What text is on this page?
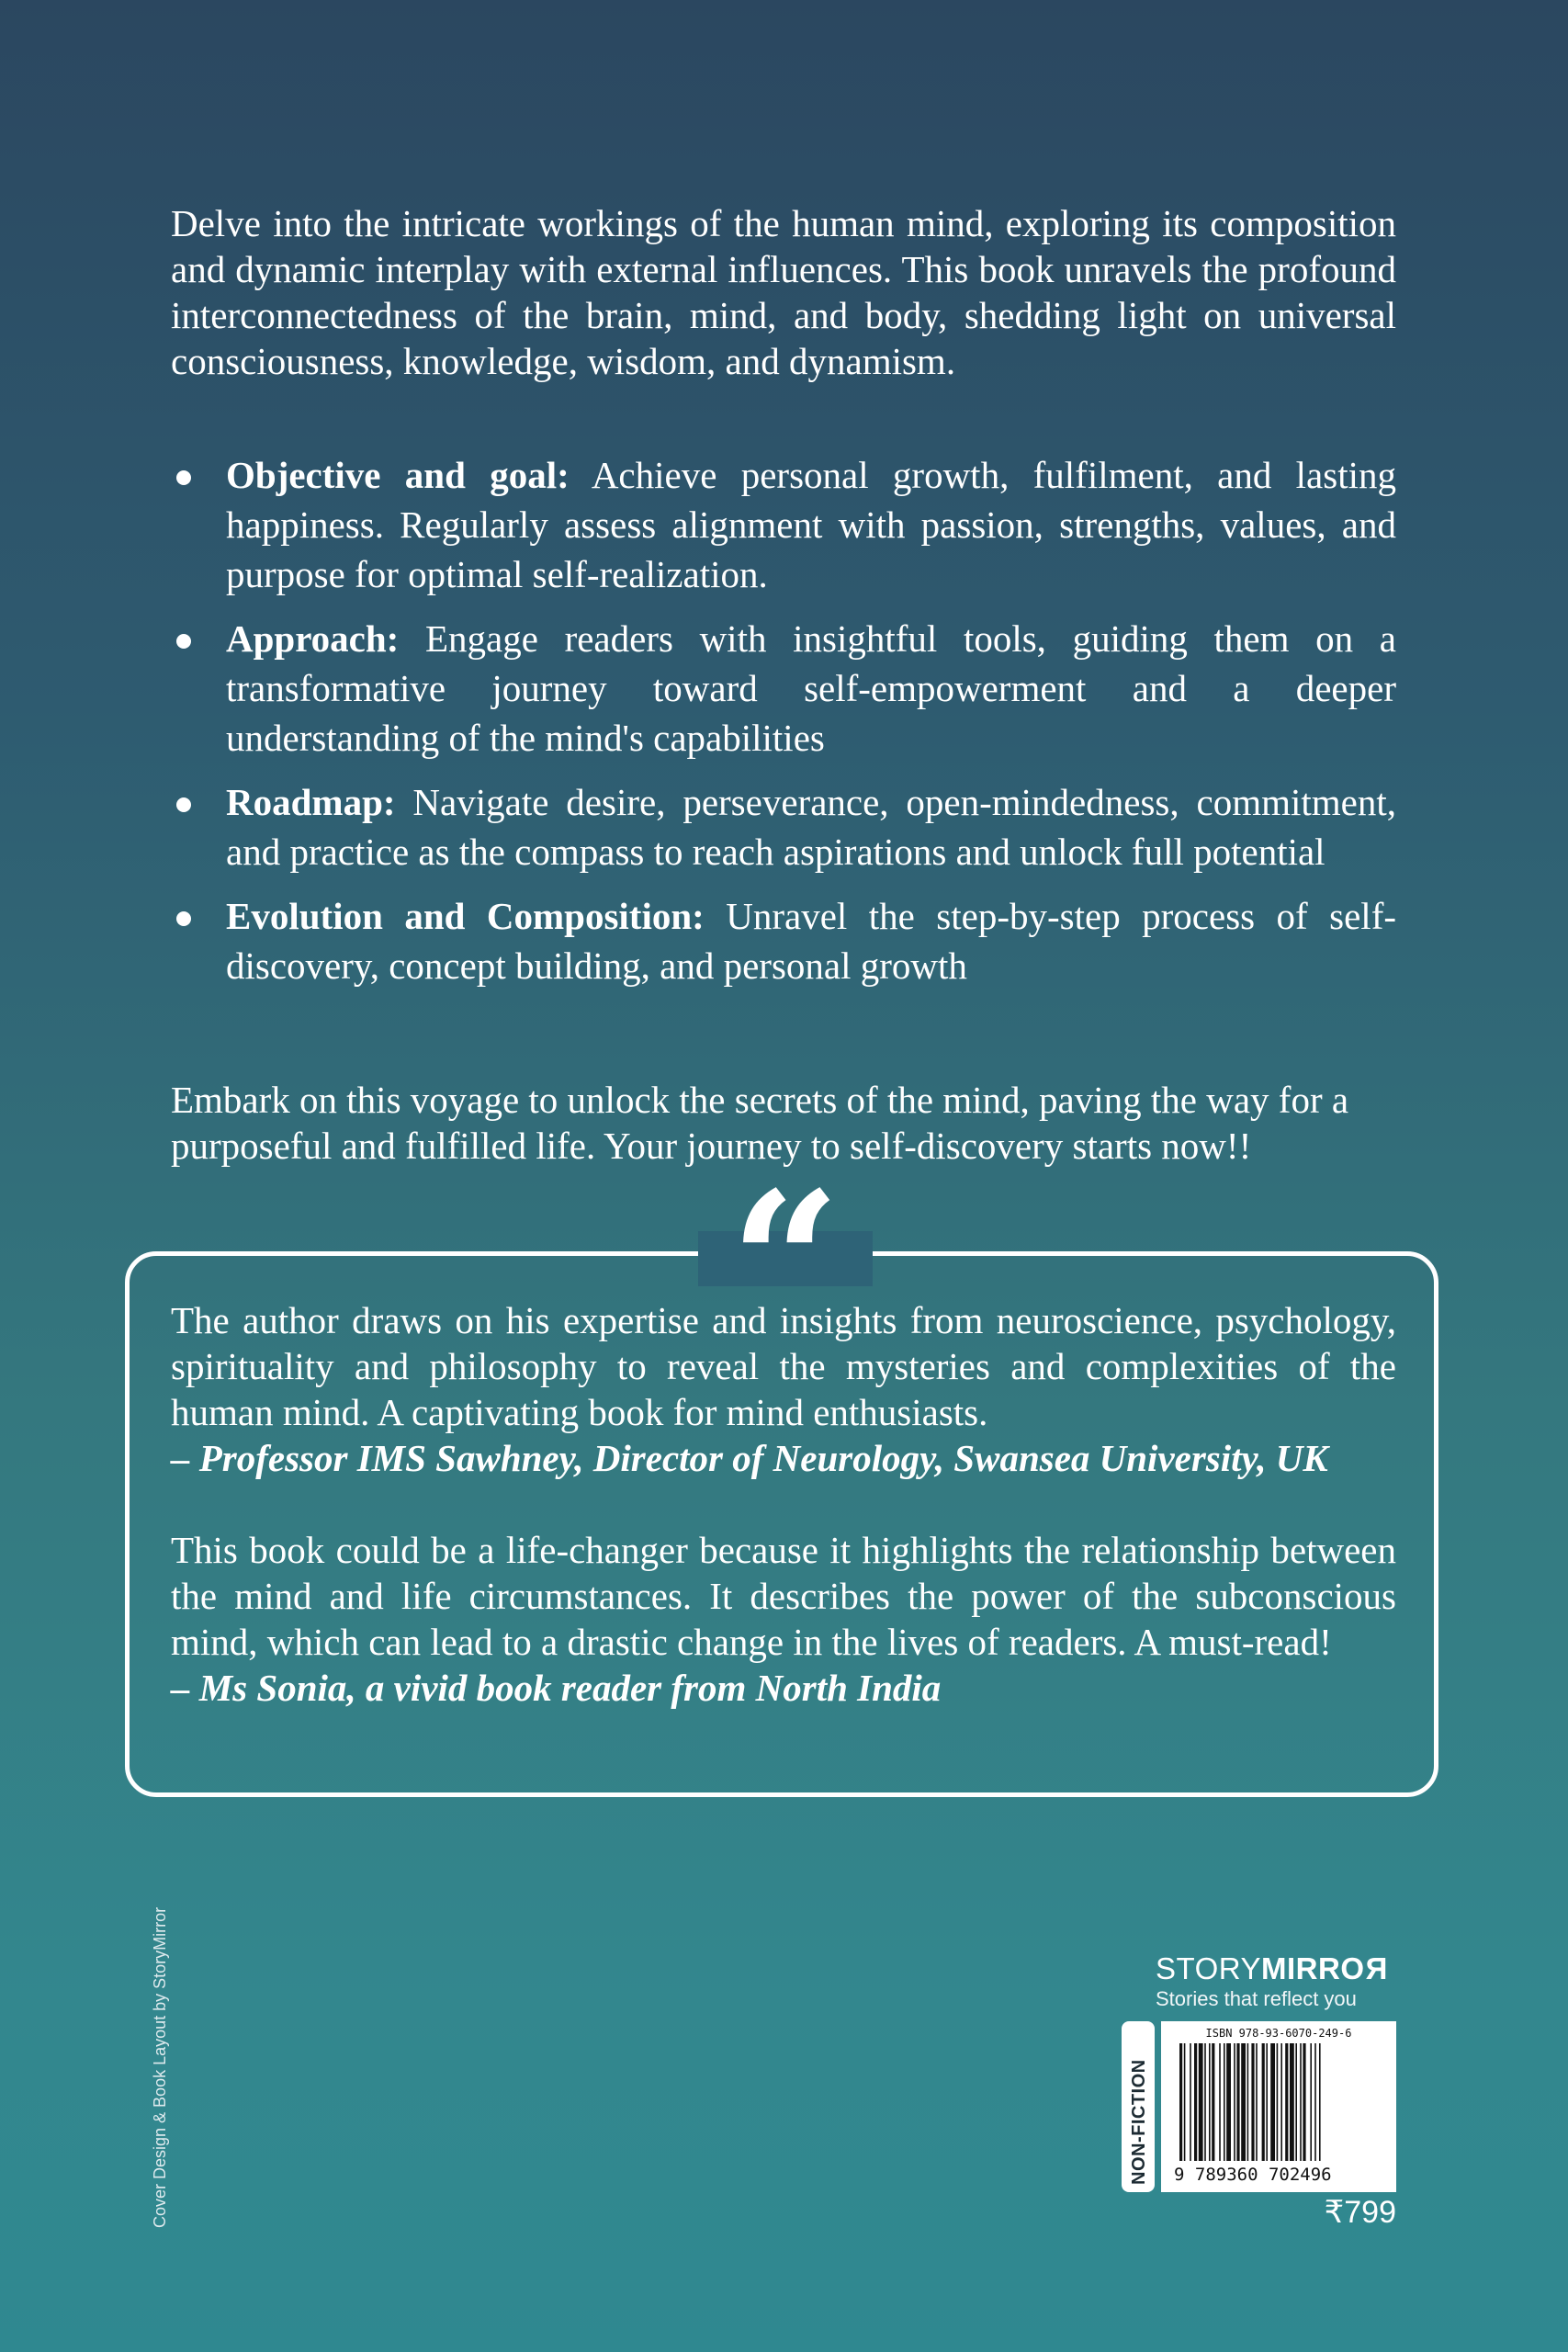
Delve into the intricate workings of the human mind, exploring its composition and dynamic interplay with external influences. This book unravels the profound interconnectedness of the brain, mind, and body, shedding light on universal consciousness, knowledge, wisdom, and dynamism.
Objective and goal: Achieve personal growth, fulfilment, and lasting happiness. Regularly assess alignment with passion, strengths, values, and purpose for optimal self-realization.
Approach: Engage readers with insightful tools, guiding them on a transformative journey toward self-empowerment and a deeper understanding of the mind's capabilities
Roadmap: Navigate desire, perseverance, open-mindedness, commitment, and practice as the compass to reach aspirations and unlock full potential
Evolution and Composition: Unravel the step-by-step process of self-discovery, concept building, and personal growth
Embark on this voyage to unlock the secrets of the mind, paving the way for a purposeful and fulfilled life. Your journey to self-discovery starts now!!
“
The author draws on his expertise and insights from neuroscience, psychology, spirituality and philosophy to reveal the mysteries and complexities of the human mind. A captivating book for mind enthusiasts.
– Professor IMS Sawhney, Director of Neurology, Swansea University, UK
This book could be a life-changer because it highlights the relationship between the mind and life circumstances. It describes the power of the subconscious mind, which can lead to a drastic change in the lives of readers. A must-read!
– Ms Sonia, a vivid book reader from North India
Cover Design & Book Layout by StoryMirror	STORYMIRROR
Stories that reflect you
NON-FICTION
ISBN 978-93-6070-249-6
9 789360 702496
₹799
